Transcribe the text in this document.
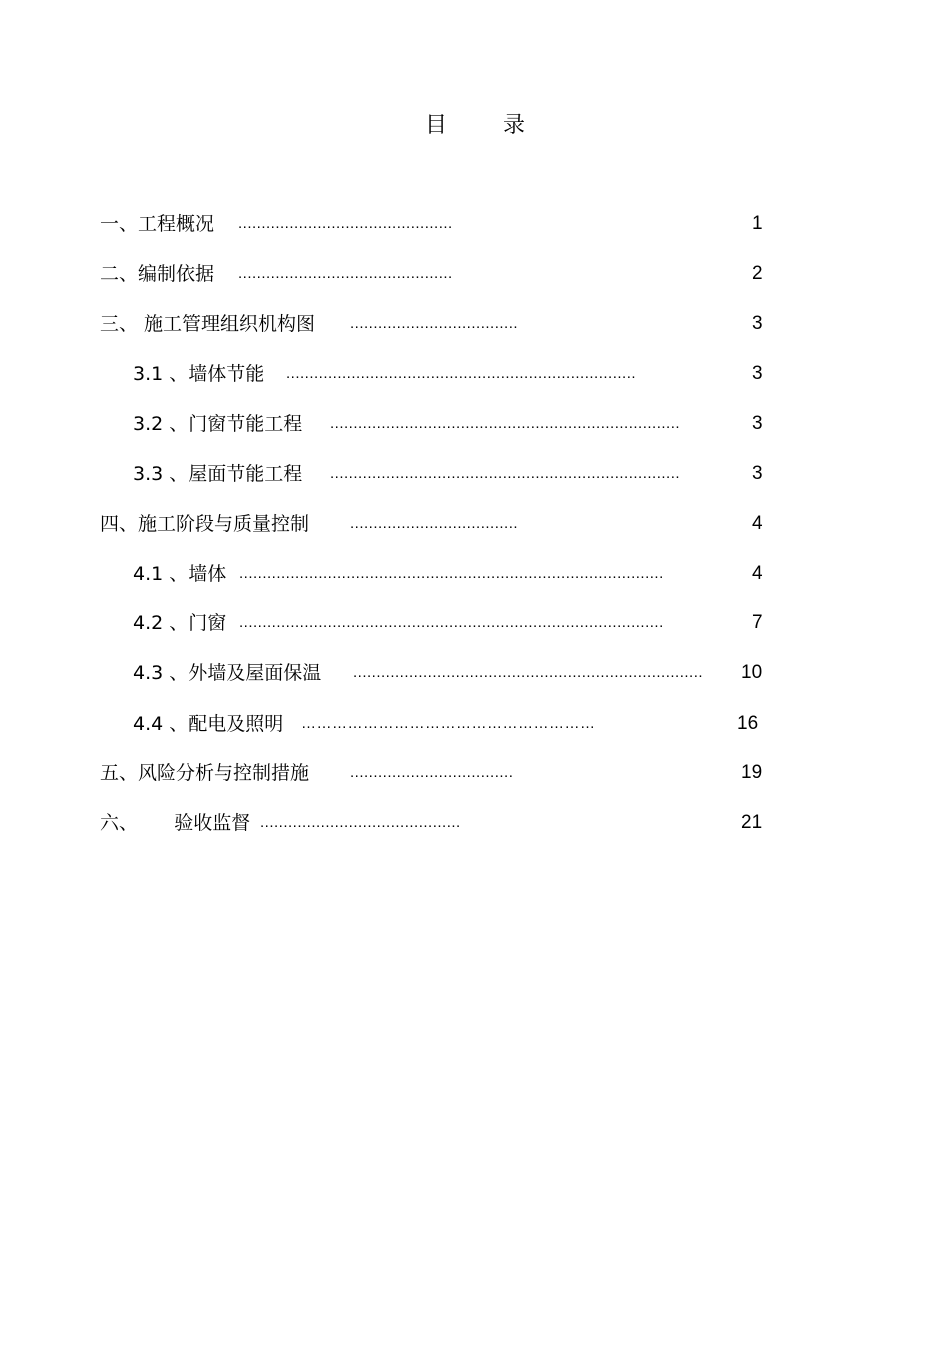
目        录
一、工程概况 ..............................................	1
二、编制依据 ..............................................	2
三、 施工管理组织机构图 ....................................	3
3.1 、墙体节能 ...........................................................................	3
3.2 、门窗节能工程 ...........................................................................	3
3.3 、屋面节能工程 ...........................................................................	3
四、施工阶段与质量控制	....................................	4
4.1 、墙体 ...........................................................................................	4
4.2 、门窗 ...........................................................................................	7
4.3 、外墙及屋面保温 ...........................................................................	10
4.4 、配电及照明 …………………………………………………	16
五、风险分析与控制措施	...................................	19
六、      验收监督 ...........................................	21
